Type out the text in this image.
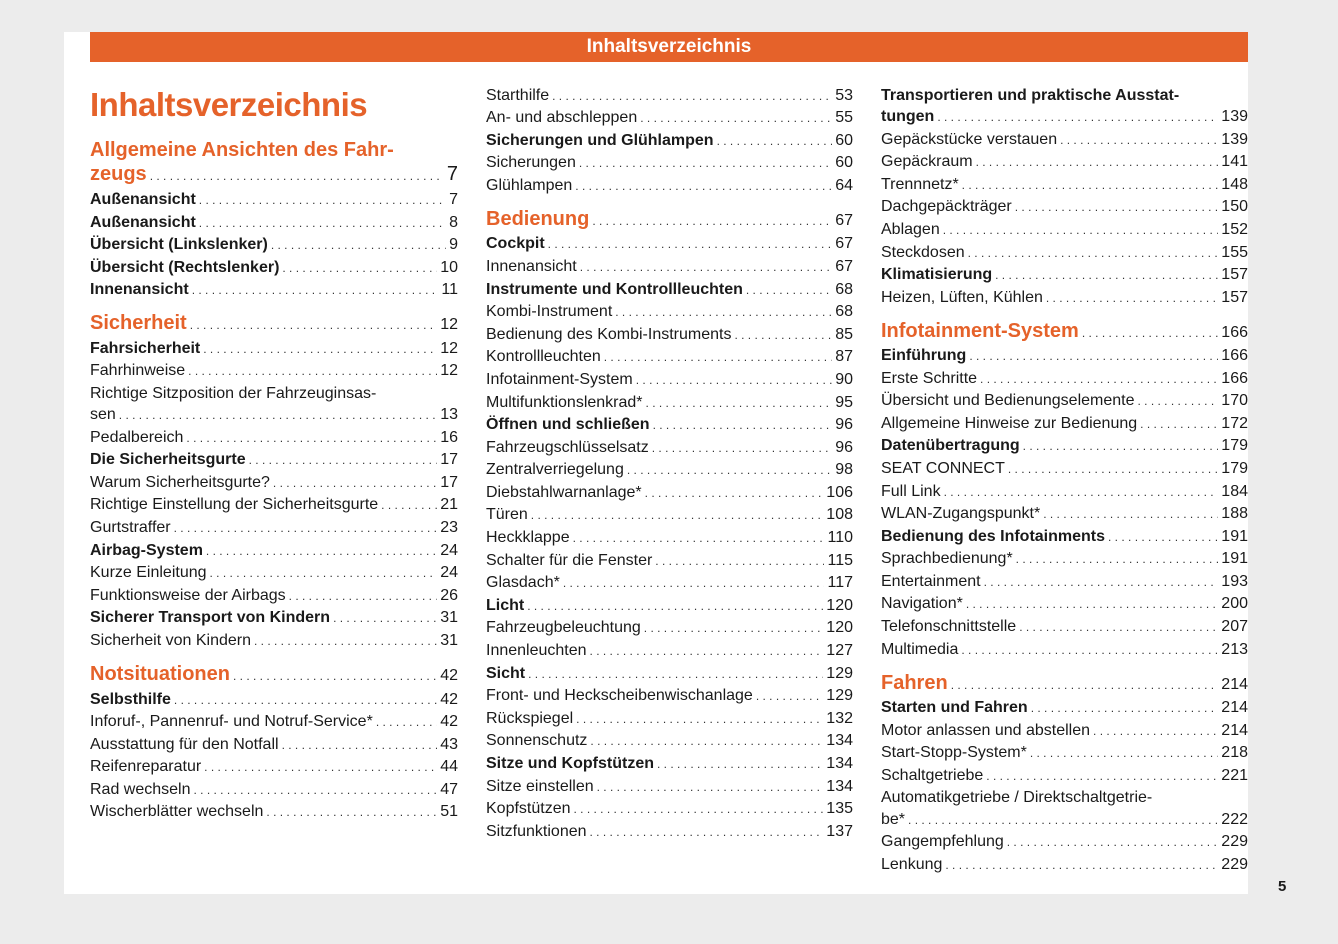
Inhaltsverzeichnis
Inhaltsverzeichnis
Allgemeine Ansichten des Fahr-
zeugs . . .	7
Außenansicht . . .	7
Außenansicht . . .	8
Übersicht (Linkslenker) . . .	9
Übersicht (Rechtslenker) . . .	10
Innenansicht . . .	11
Sicherheit . . .	12
Fahrsicherheit . . .	12
Fahrhinweise . . .	12
Richtige Sitzposition der Fahrzeuginsas-
sen . . .	13
Pedalbereich . . .	16
Die Sicherheitsgurte . . .	17
Warum Sicherheitsgurte? . . .	17
Richtige Einstellung der Sicherheitsgurte . . .	21
Gurtstraffer . . .	23
Airbag-System . . .	24
Kurze Einleitung . . .	24
Funktionsweise der Airbags . . .	26
Sicherer Transport von Kindern . . .	31
Sicherheit von Kindern . . .	31
Notsituationen . . .	42
Selbsthilfe . . .	42
Inforuf-, Pannenruf- und Notruf-Service* . . .	42
Ausstattung für den Notfall . . .	43
Reifenreparatur . . .	44
Rad wechseln . . .	47
Wischerblätter wechseln . . .	51
Starthilfe . . .	53
An- und abschleppen . . .	55
Sicherungen und Glühlampen . . .	60
Sicherungen . . .	60
Glühlampen . . .	64
Bedienung . . .	67
Cockpit . . .	67
Innenansicht . . .	67
Instrumente und Kontrollleuchten . . .	68
Kombi-Instrument . . .	68
Bedienung des Kombi-Instruments . . .	85
Kontrollleuchten . . .	87
Infotainment-System . . .	90
Multifunktionslenkrad* . . .	95
Öffnen und schließen . . .	96
Fahrzeugschlüsselsatz . . .	96
Zentralverriegelung . . .	98
Diebstahlwarnanlage* . . .	106
Türen . . .	108
Heckklappe . . .	110
Schalter für die Fenster . . .	115
Glasdach* . . .	117
Licht . . .	120
Fahrzeugbeleuchtung . . .	120
Innenleuchten . . .	127
Sicht . . .	129
Front- und Heckscheibenwischanlage . . .	129
Rückspiegel . . .	132
Sonnenschutz . . .	134
Sitze und Kopfstützen . . .	134
Sitze einstellen . . .	134
Kopfstützen . . .	135
Sitzfunktionen . . .	137
Transportieren und praktische Ausstat-
tungen . . .	139
Gepäckstücke verstauen . . .	139
Gepäckraum . . .	141
Trennnetz* . . .	148
Dachgepäckträger . . .	150
Ablagen . . .	152
Steckdosen . . .	155
Klimatisierung . . .	157
Heizen, Lüften, Kühlen . . .	157
Infotainment-System . . .	166
Einführung . . .	166
Erste Schritte . . .	166
Übersicht und Bedienungselemente . . .	170
Allgemeine Hinweise zur Bedienung . . .	172
Datenübertragung . . .	179
SEAT CONNECT . . .	179
Full Link . . .	184
WLAN-Zugangspunkt* . . .	188
Bedienung des Infotainments . . .	191
Sprachbedienung* . . .	191
Entertainment . . .	193
Navigation* . . .	200
Telefonschnittstelle . . .	207
Multimedia . . .	213
Fahren . . .	214
Starten und Fahren . . .	214
Motor anlassen und abstellen . . .	214
Start-Stopp-System* . . .	218
Schaltgetriebe . . .	221
Automatikgetriebe / Direktschaltgetrie-
be* . . .	222
Gangempfehlung . . .	229
Lenkung . . .	229
5
